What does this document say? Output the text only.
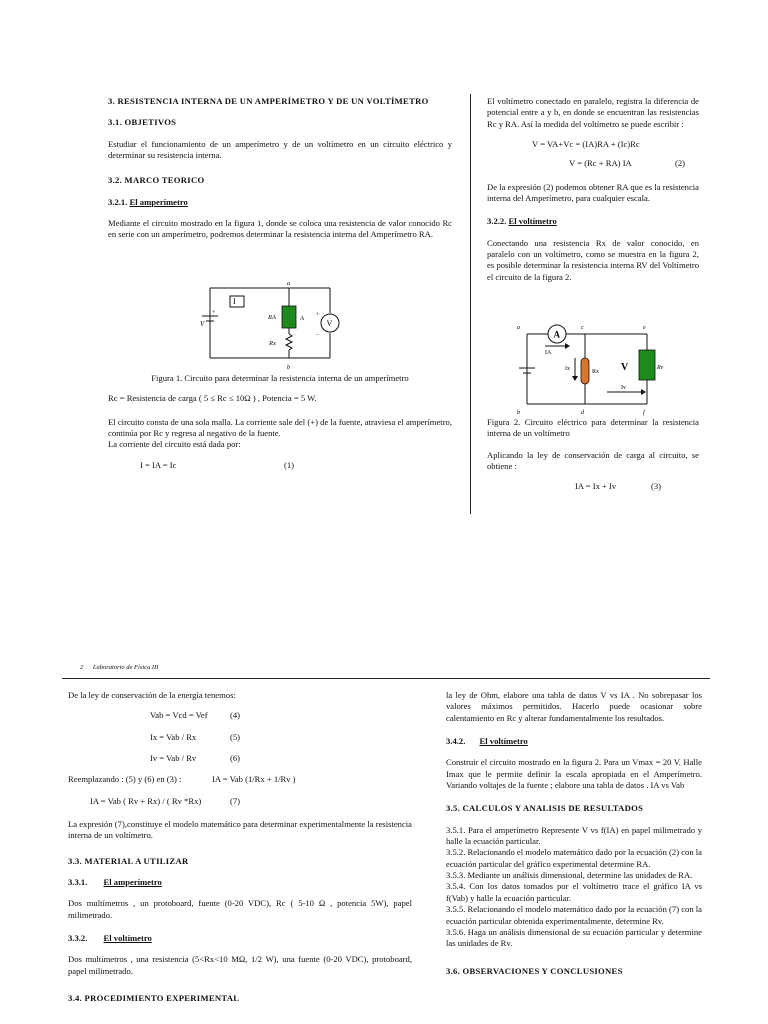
3. RESISTENCIA INTERNA DE UN AMPERÍMETRO Y DE UN VOLTÍMETRO
3.1. OBJETIVOS

Estudiar el funcionamiento de un amperímetro y de un voltímetro en un circuito eléctrico y determinar su resistencia interna.

3.2. MARCO TEORICO
3.2.1. El amperímetro

Mediante el circuito mostrado en la figura 1, donde se coloca una resistencia de valor conocido Rc en serie con un amperímetro, podremos determinar la resistencia interna del Amperímetro RA.

I
V
+
RA	A
Rx
V
+
−
a
b

Figura 1. Circuito para determinar la resistencia interna de un amperímetro

Rc = Resistencia de carga ( 5 ≤ Rc ≤ 10Ω ) , Potencia = 5 W.

El circuito consta de una sola malla. La corriente sale del (+) de la fuente, atraviesa el amperímetro, continúa por Rc y regresa al negativo de la fuente.

La corriente del circuito está dada por:

I = IA = Ic	(1)

El voltímetro conectado en paralelo, registra la diferencia de potencial entre a y b, en donde se encuentran las resistencias Rc y RA. Así la medida del voltímetro se puede escribir :

V = VA+Vc = (IA)RA + (Ic)Rc
V = (Rc + RA) IA	(2)

De la expresión (2) podemos obtener RA que es la resistencia interna del Amperímetro, para cualquier escala.

3.2.2. El voltímetro

Conectando una resistencia Rx de valor conocido, en paralelo con un voltímetro, como se muestra en la figura 2, es posible determinar la resistencia interna RV del Voltímetro el circuito de la figura 2.

A
a	c	e
b	d	f
IA
Ix	Rx V	Rv
Iv

Figura 2. Circuito eléctrico para determinar la resistencia interna de un voltímetro

Aplicando la ley de conservación de carga al circuito, se obtiene :

IA = Ix + Iv	(3)
2 Laboratorio de Física III

De la ley de conservación de la energía tenemos:

Vab = Vcd = Vef	(4)
Ix = Vab / Rx	(5)
Iv = Vab / Rv	(6)
Reemplazando : (5) y (6) en (3) :	IA = Vab (1/Rx + 1/Rv )
IA = Vab ( Rv + Rx) / ( Rv *Rx)	(7)

La expresión (7),constituye el modelo matemático para determinar experimentalmente la resistencia interna de un voltímetro.

3.3. MATERIAL A UTILIZAR
3.3.1. El amperímetro

Dos multímetros , un protoboard, fuente (0-20 VDC), Rc ( 5-10 Ω , potencia 5W), papel milimetrado.

3.3.2. El voltímetro

Dos multímetros , una resistencia (5<Rx<10 MΩ, 1/2 W), una fuente (0-20 VDC), protoboard, papel milimetrado.

3.4. PROCEDIMIENTO EXPERIMENTAL

la ley de Ohm, elabore una tabla de datos V vs IA . No sobrepasar los valores máximos permitidos. Hacerlo puede ocasionar sobre calentamiento en Rc y alterar fundamentalmente los resultados.

3.4.2. El voltímetro

Construir el circuito mostrado en la figura 2. Para un Vmax = 20 V. Halle Imax que le permite definir la escala apropiada en el Amperímetro. Variando voltajes de la fuente ; elabore una tabla de datos . IA vs Vab

3.5. CALCULOS Y ANALISIS DE RESULTADOS
3.5.1. Para el amperímetro Represente V vs f(IA) en papel milimetrado y halle la ecuación particular.
3.5.2. Relacionando el modelo matemático dado por la ecuación (2) con la ecuación particular del gráfico experimental determine RA.
3.5.3. Mediante un análisis dimensional, determine las unidades de RA.
3.5.4. Con los datos tomados por el voltímetro trace el gráfico IA vs f(Vab) y halle la ecuación particular.
3.5.5. Relacionando el modelo matemático dado por la ecuación (7) con la ecuación particular obtenida experimentalmente, determine Rv.
3.5.6. Haga un análisis dimensional de su ecuación particular y determine las unidades de Rv.
3.6. OBSERVACIONES Y CONCLUSIONES
